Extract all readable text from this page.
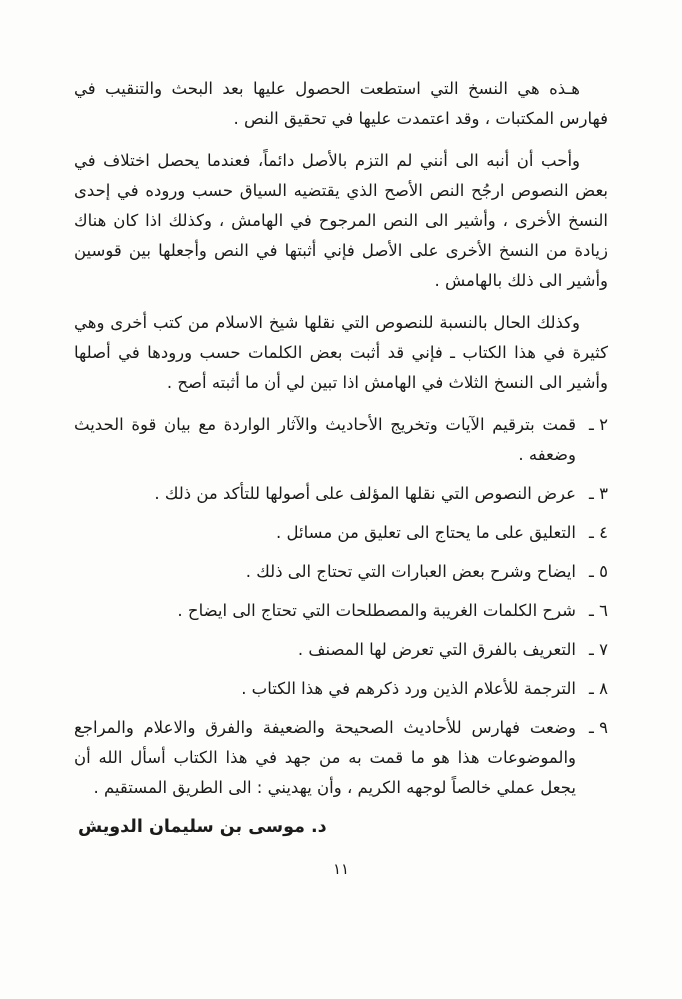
هـذه هي النسخ التي استطعت الحصول عليها بعد البحث والتنقيب في فهارس المكتبات ، وقد اعتمدت عليها في تحقيق النص .

وأحب أن أنبه الى أنني لم التزم بالأصل دائماً، فعندما يحصل اختلاف في بعض النصوص ارجُح النص الأصح الذي يقتضيه السياق حسب وروده في إحدى النسخ الأخرى ، وأشير الى النص المرجوح في الهامش ، وكذلك اذا كان هناك زيادة من النسخ الأخرى على الأصل فإني أثبتها في النص وأجعلها بين قوسين وأشير الى ذلك بالهامش .

وكذلك الحال بالنسبة للنصوص التي نقلها شيخ الاسلام من كتب أخرى وهي كثيرة في هذا الكتاب ـ فإني قد أثبت بعض الكلمات حسب ورودها في أصلها وأشير الى النسخ الثلاث في الهامش اذا تبين لي أن ما أثبته أصح .

٢ ـ
قمت بترقيم الآيات وتخريج الأحاديث والآثار الواردة مع بيان قوة الحديث وضعفه .
٣ ـ
عرض النصوص التي نقلها المؤلف على أصولها للتأكد من ذلك .
٤ ـ
التعليق على ما يحتاج الى تعليق من مسائل .
٥ ـ
ايضاح وشرح بعض العبارات التي تحتاج الى ذلك .
٦ ـ
شرح الكلمات الغريبة والمصطلحات التي تحتاج الى ايضاح .
٧ ـ
التعريف بالفرق التي تعرض لها المصنف .
٨ ـ
الترجمة للأعلام الذين ورد ذكرهم في هذا الكتاب .
٩ ـ
وضعت فهارس للأحاديث الصحيحة والضعيفة والفرق والاعلام والمراجع والموضوعات هذا هو ما قمت به من جهد في هذا الكتاب أسأل الله أن يجعل عملي خالصاً لوجهه الكريم ، وأن يهديني : الى الطريق المستقيم .
د. موسى بن سليمان الدويش
١١
